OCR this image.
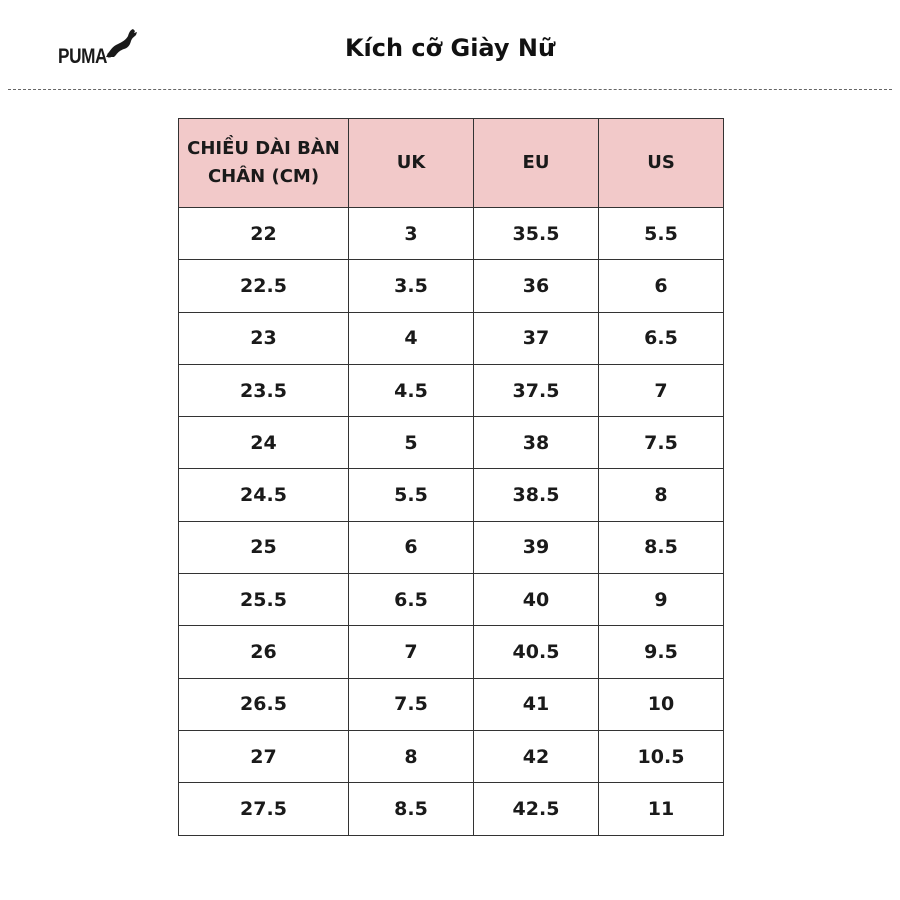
PUMA®	Kích cỡ Giày Nữ
CHIỀU DÀI BÀN CHÂN (CM)	UK	EU	US
22	3	35.5	5.5
22.5	3.5	36	6
23	4	37	6.5
23.5	4.5	37.5	7
24	5	38	7.5
24.5	5.5	38.5	8
25	6	39	8.5
25.5	6.5	40	9
26	7	40.5	9.5
26.5	7.5	41	10
27	8	42	10.5
27.5	8.5	42.5	11
